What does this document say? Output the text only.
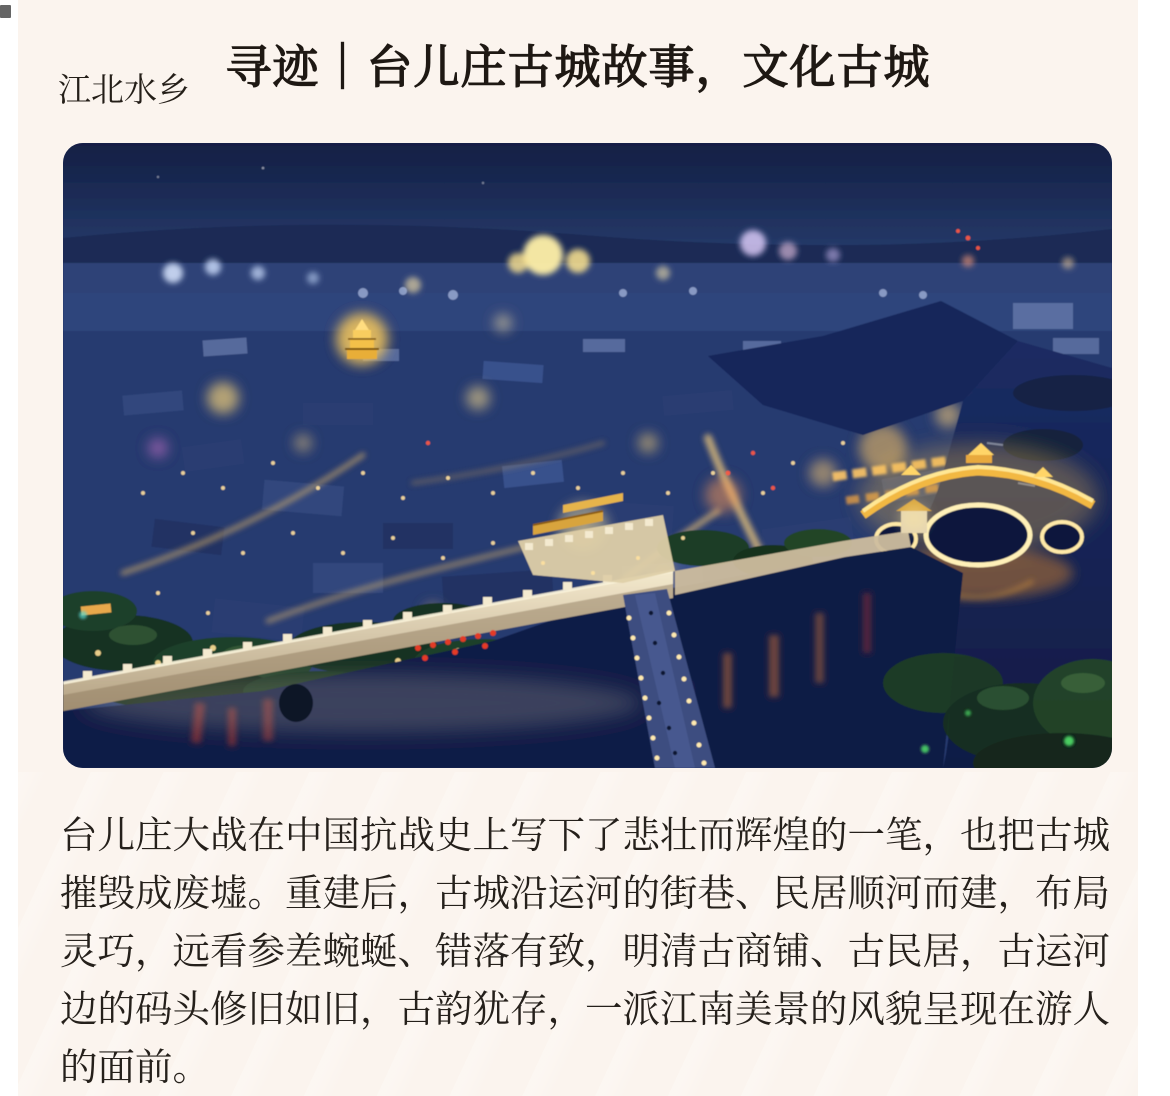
寻迹｜台儿庄古城故事，文化古城
江北水乡
台儿庄大战在中国抗战史上写下了悲壮而辉煌的一笔，也把古城
摧毁成废墟。重建后，古城沿运河的街巷、民居顺河而建，布局
灵巧，远看参差蜿蜒、错落有致，明清古商铺、古民居，古运河
边的码头修旧如旧，古韵犹存，一派江南美景的风貌呈现在游人
的面前。
